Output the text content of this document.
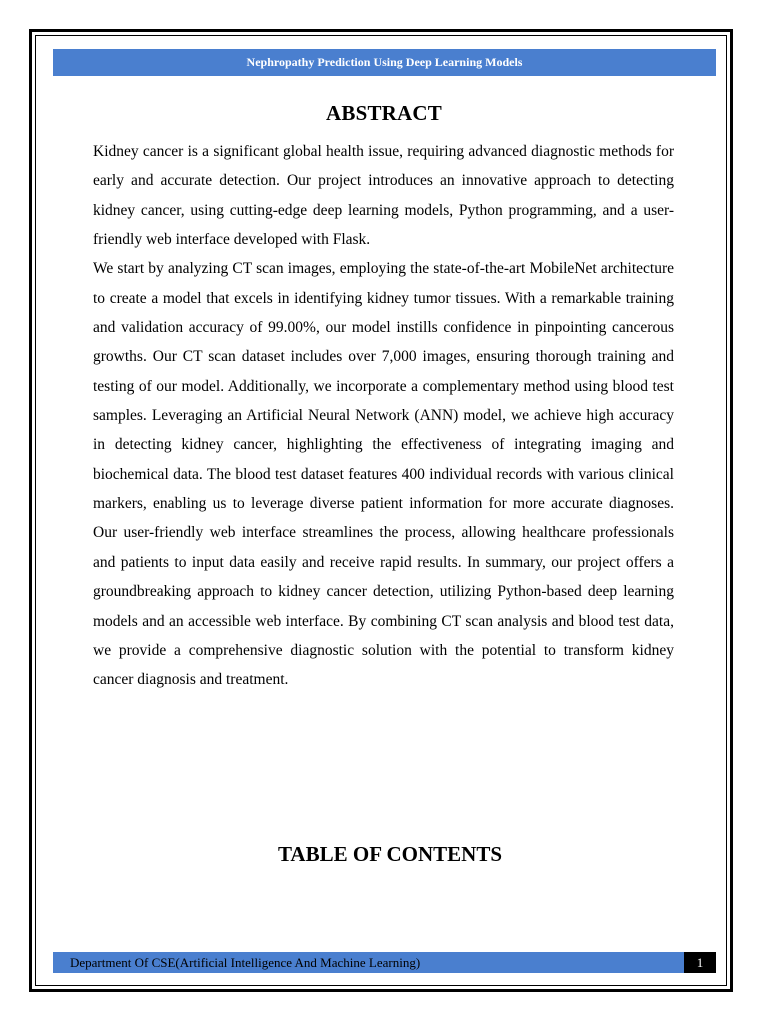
Nephropathy Prediction Using Deep Learning Models
ABSTRACT

Kidney cancer is a significant global health issue, requiring advanced diagnostic methods for early and accurate detection. Our project introduces an innovative approach to detecting kidney cancer, using cutting-edge deep learning models, Python programming, and a user-friendly web interface developed with Flask.

We start by analyzing CT scan images, employing the state-of-the-art MobileNet architecture to create a model that excels in identifying kidney tumor tissues. With a remarkable training and validation accuracy of 99.00%, our model instills confidence in pinpointing cancerous growths. Our CT scan dataset includes over 7,000 images, ensuring thorough training and testing of our model. Additionally, we incorporate a complementary method using blood test samples. Leveraging an Artificial Neural Network (ANN) model, we achieve high accuracy in detecting kidney cancer, highlighting the effectiveness of integrating imaging and biochemical data. The blood test dataset features 400 individual records with various clinical markers, enabling us to leverage diverse patient information for more accurate diagnoses. Our user-friendly web interface streamlines the process, allowing healthcare professionals and patients to input data easily and receive rapid results. In summary, our project offers a groundbreaking approach to kidney cancer detection, utilizing Python-based deep learning models and an accessible web interface. By combining CT scan analysis and blood test data, we provide a comprehensive diagnostic solution with the potential to transform kidney cancer diagnosis and treatment.

TABLE OF CONTENTS
Department Of CSE(Artificial Intelligence And Machine Learning)	1
